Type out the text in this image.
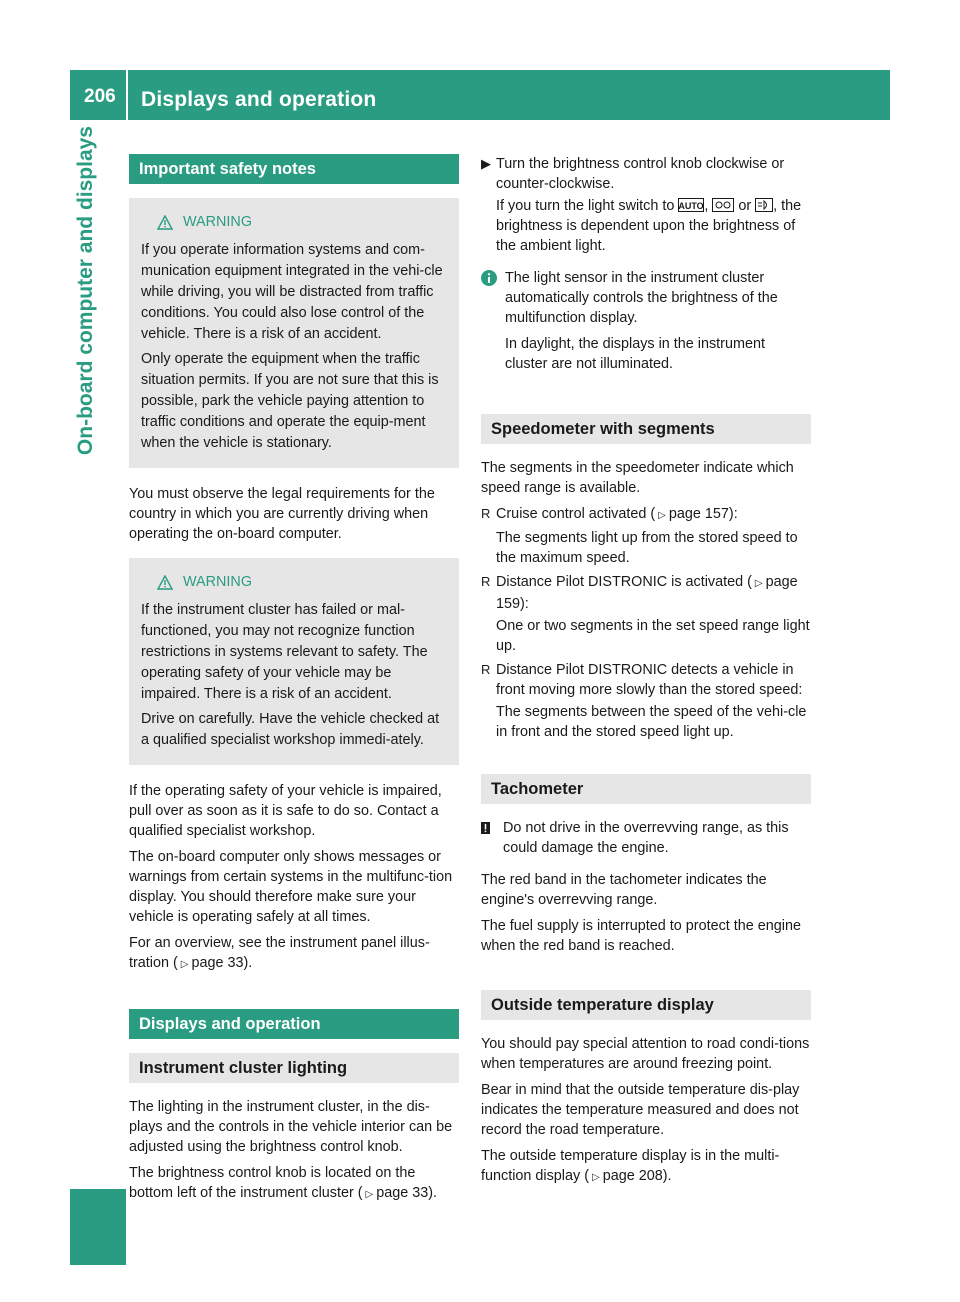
206 Displays and operation
On-board computer and displays	Important safety notes
WARNING

If you operate information systems and com-munication equipment integrated in the vehi-cle while driving, you will be distracted from traffic conditions. You could also lose control of the vehicle. There is a risk of an accident.

Only operate the equipment when the traffic situation permits. If you are not sure that this is possible, park the vehicle paying attention to traffic conditions and operate the equip-ment when the vehicle is stationary.

You must observe the legal requirements for the country in which you are currently driving when operating the on-board computer.

WARNING

If the instrument cluster has failed or mal-functioned, you may not recognize function restrictions in systems relevant to safety. The operating safety of your vehicle may be impaired. There is a risk of an accident.

Drive on carefully. Have the vehicle checked at a qualified specialist workshop immedi-ately.

If the operating safety of your vehicle is impaired, pull over as soon as it is safe to do so. Contact a qualified specialist workshop.

The on-board computer only shows messages or warnings from certain systems in the multifunc-tion display. You should therefore make sure your vehicle is operating safely at all times.

For an overview, see the instrument panel illus-tration ( ▷ page 33).

Displays and operation
Instrument cluster lighting

The lighting in the instrument cluster, in the dis-plays and the controls in the vehicle interior can be adjusted using the brightness control knob.

The brightness control knob is located on the bottom left of the instrument cluster ( ▷ page 33).

▶ Turn the brightness control knob clockwise or counter-clockwise.

If you turn the light switch to AUTO , or , the brightness is dependent upon the brightness of the ambient light.

The light sensor in the instrument cluster automatically controls the brightness of the multifunction display.

In daylight, the displays in the instrument cluster are not illuminated.

Speedometer with segments

The segments in the speedometer indicate which speed range is available.

R Cruise control activated ( ▷ page 157):

The segments light up from the stored speed to the maximum speed.

R Distance Pilot DISTRONIC is activated ( ▷ page 159):

One or two segments in the set speed range light up.

R Distance Pilot DISTRONIC detects a vehicle in front moving more slowly than the stored speed:

The segments between the speed of the vehi-cle in front and the stored speed light up.

Tachometer

Do not drive in the overrevving range, as this could damage the engine.

The red band in the tachometer indicates the engine's overrevving range.

The fuel supply is interrupted to protect the engine when the red band is reached.

Outside temperature display

You should pay special attention to road condi-tions when temperatures are around freezing point.

Bear in mind that the outside temperature dis-play indicates the temperature measured and does not record the road temperature.

The outside temperature display is in the multi-function display ( ▷ page 208).
